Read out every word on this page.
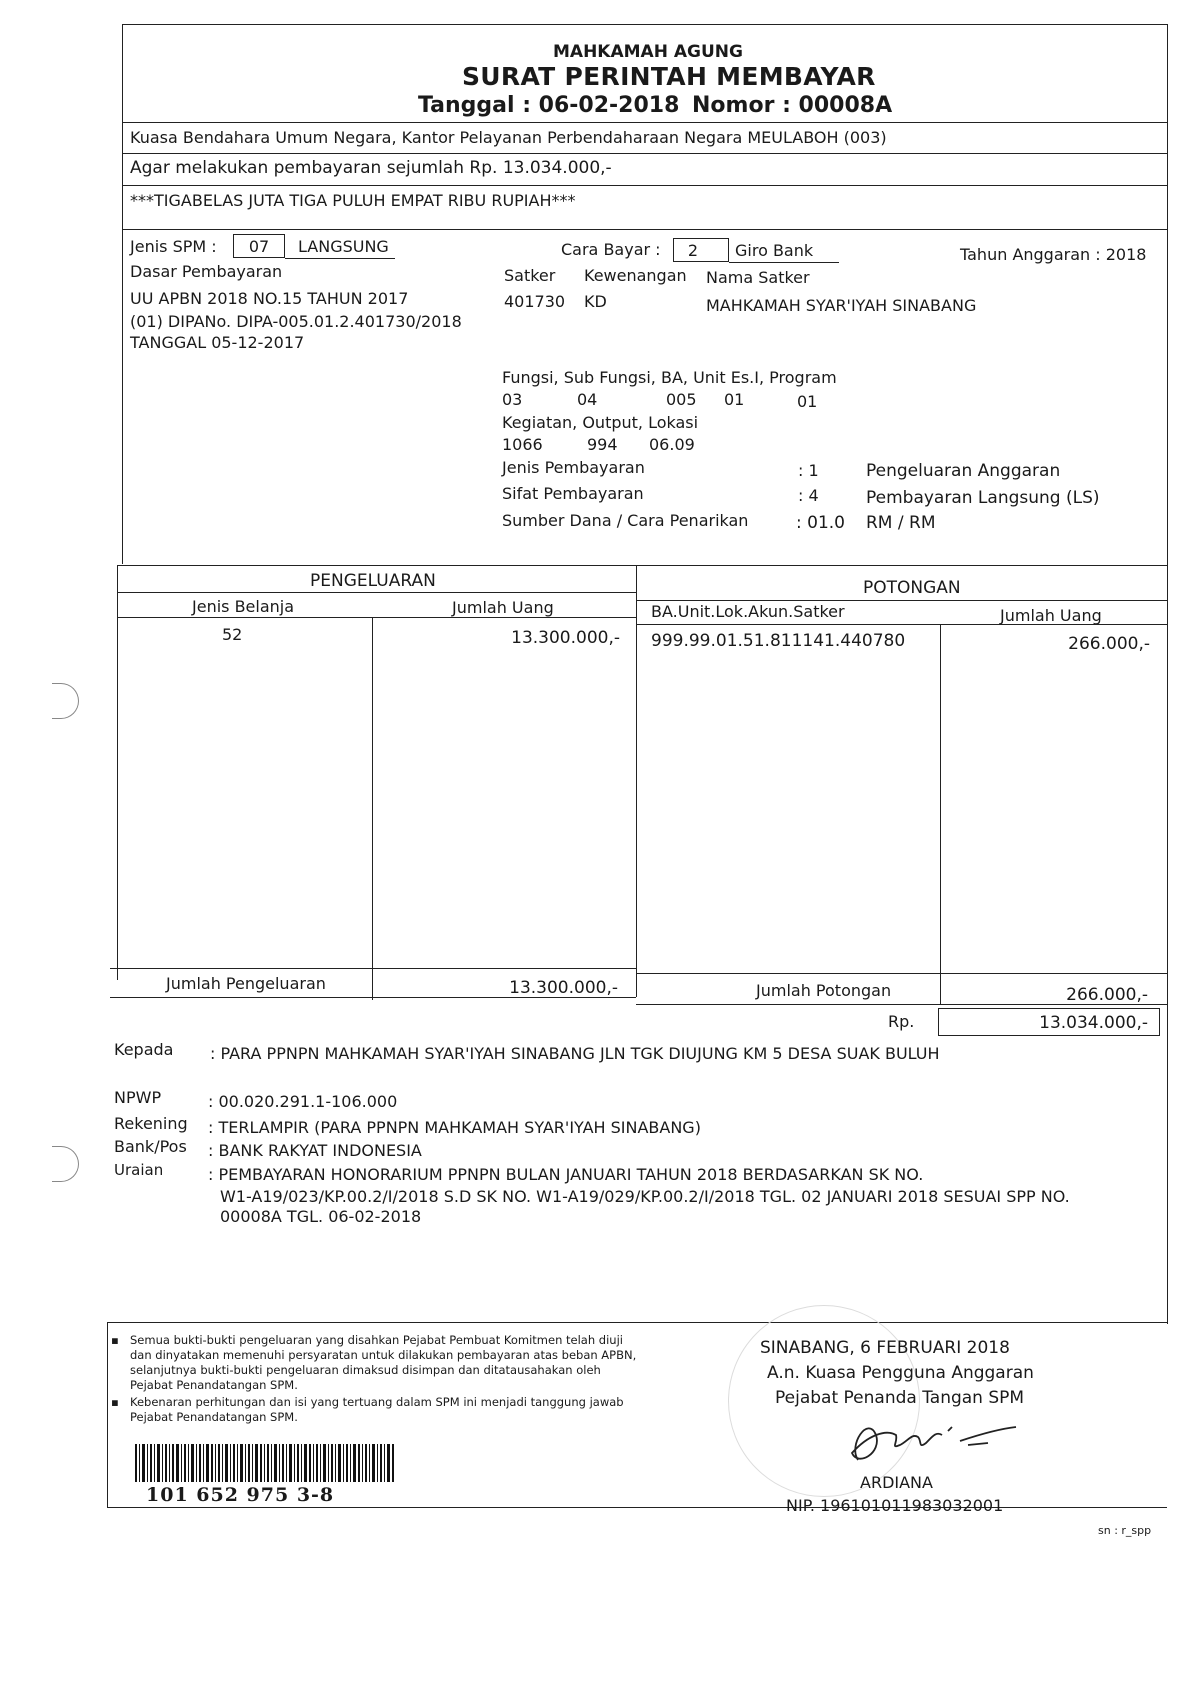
MAHKAMAH AGUNG
SURAT PERINTAH MEMBAYAR
Tanggal : 06-02-2018 Nomor : 00008A
Kuasa Bendahara Umum Negara, Kantor Pelayanan Perbendaharaan Negara MEULABOH (003)
Agar melakukan pembayaran sejumlah Rp. 13.034.000,-
***TIGABELAS JUTA TIGA PULUH EMPAT RIBU RUPIAH***
Jenis SPM :	07	LANGSUNG	Cara Bayar :	2	Giro Bank	Tahun Anggaran : 2018
Dasar Pembayaran
UU APBN 2018 NO.15 TAHUN 2017
(01) DIPANo. DIPA-005.01.2.401730/2018
TANGGAL 05-12-2017
Satker Kewenangan Nama Satker
401730 KD	MAHKAMAH SYAR'IYAH SINABANG
Fungsi, Sub Fungsi, BA, Unit Es.I, Program
03	04	005 01	01
Kegiatan, Output, Lokasi
1066	994 06.09
Jenis Pembayaran	: 1	Pengeluaran Anggaran
Sifat Pembayaran	: 4	Pembayaran Langsung (LS)
Sumber Dana / Cara Penarikan	: 01.0 RM / RM
PENGELUARAN	POTONGAN
Jenis Belanja	Jumlah Uang	BA.Unit.Lok.Akun.Satker	Jumlah Uang
52	13.300.000,- 999.99.01.51.811141.440780	266.000,-
Jumlah Pengeluaran	13.300.000,-	Jumlah Potongan	266.000,-
Rp.	13.034.000,-
Kepada : PARA PPNPN MAHKAMAH SYAR'IYAH SINABANG JLN TGK DIUJUNG KM 5 DESA SUAK BULUH
NPWP	: 00.020.291.1-106.000
Rekening : TERLAMPIR (PARA PPNPN MAHKAMAH SYAR'IYAH SINABANG)
Bank/Pos : BANK RAKYAT INDONESIA
Uraian	: PEMBAYARAN HONORARIUM PPNPN BULAN JANUARI TAHUN 2018 BERDASARKAN SK NO.
W1-A19/023/KP.00.2/I/2018 S.D SK NO. W1-A19/029/KP.00.2/I/2018 TGL. 02 JANUARI 2018 SESUAI SPP NO.
00008A TGL. 06-02-2018
▪ Semua bukti-bukti pengeluaran yang disahkan Pejabat Pembuat Komitmen telah diuji dan dinyatakan memenuhi persyaratan untuk dilakukan pembayaran atas beban APBN, selanjutnya bukti-bukti pengeluaran dimaksud disimpan dan ditatausahakan oleh Pejabat Penandatangan SPM.
▪ Kebenaran perhitungan dan isi yang tertuang dalam SPM ini menjadi tanggung jawab Pejabat Penandatangan SPM.
101 652 975 3-8
SINABANG, 6 FEBRUARI 2018
A.n. Kuasa Pengguna Anggaran
Pejabat Penanda Tangan SPM
ARDIANA
NIP. 196101011983032001
sn : r_spp
